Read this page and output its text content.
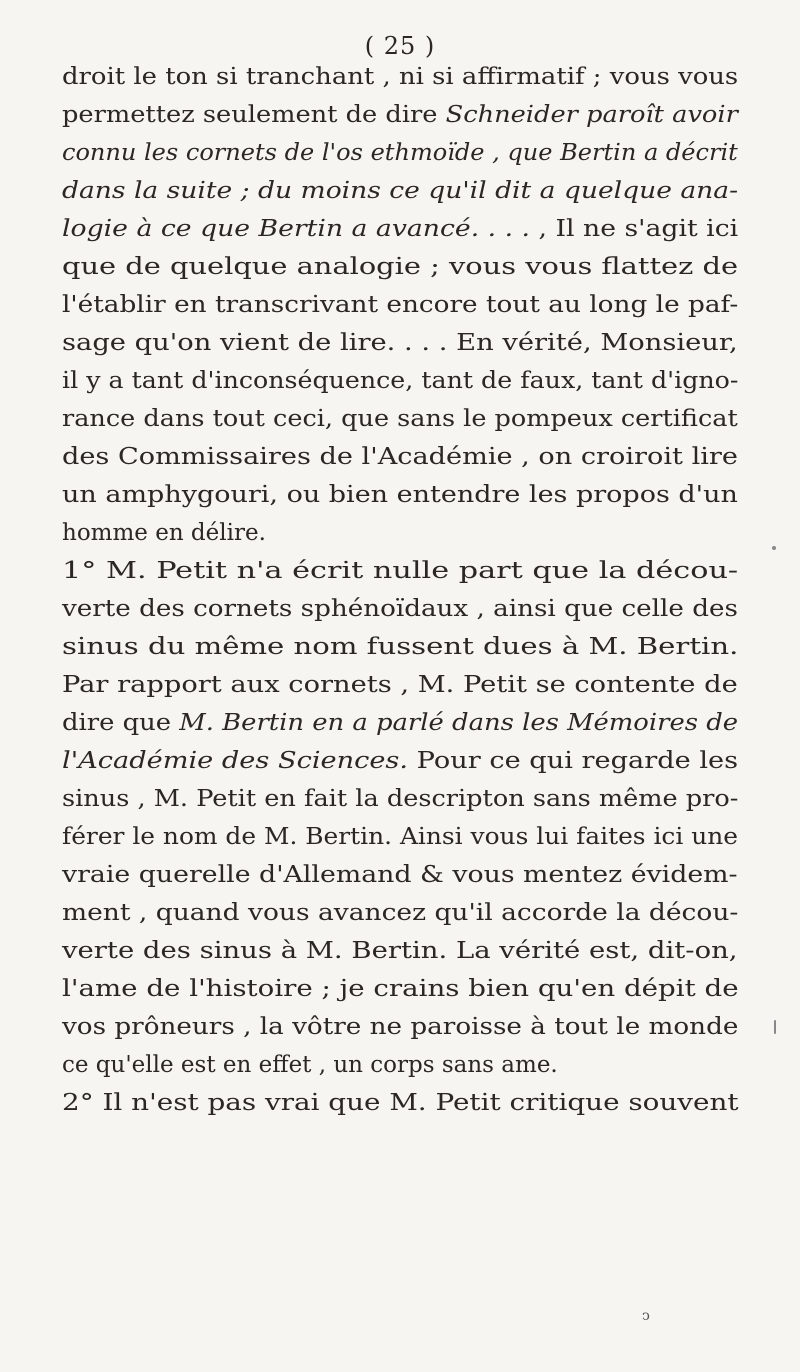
( 25 )
droit le ton si tranchant , ni si affirmatif ; vous vous
permettez seulement de dire Schneider paroît avoir
connu les cornets de l'os ethmoïde , que Bertin a décrit
dans la suite ; du moins ce qu'il dit a quelque ana-
logie à ce que Bertin a avancé. . . . , Il ne s'agit ici
que de quelque analogie ; vous vous flattez de
l'établir en transcrivant encore tout au long le paf-
sage qu'on vient de lire. . . . En vérité, Monsieur,
il y a tant d'inconséquence, tant de faux, tant d'igno-
rance dans tout ceci, que sans le pompeux certificat
des Commissaires de l'Académie , on croiroit lire
un amphygouri, ou bien entendre les propos d'un
homme en délire.
1° M. Petit n'a écrit nulle part que la décou-
verte des cornets sphénoïdaux , ainsi que celle des
sinus du même nom fussent dues à M. Bertin.
Par rapport aux cornets , M. Petit se contente de
dire que M. Bertin en a parlé dans les Mémoires de
l'Académie des Sciences. Pour ce qui regarde les
sinus , M. Petit en fait la descripton sans même pro-
férer le nom de M. Bertin. Ainsi vous lui faites ici une
vraie querelle d'Allemand & vous mentez évidem-
ment , quand vous avancez qu'il accorde la décou-
verte des sinus à M. Bertin. La vérité est, dit-on,
l'ame de l'histoire ; je crains bien qu'en dépit de
vos prôneurs , la vôtre ne paroisse à tout le monde
ce qu'elle est en effet , un corps sans ame.
2° Il n'est pas vrai que M. Petit critique souvent
ↄ
